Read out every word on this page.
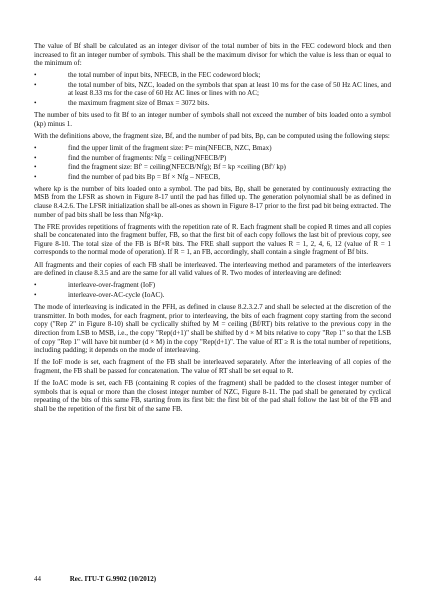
The value of Bf shall be calculated as an integer divisor of the total number of bits in the FEC codeword block and then increased to fit an integer number of symbols. This shall be the maximum divisor for which the value is less than or equal to the minimum of:

•	the total number of input bits, NFECB, in the FEC codeword block;
•	the total number of bits, NZC, loaded on the symbols that span at least 10 ms for the case of 50 Hz AC lines, and at least 8.33 ms for the case of 60 Hz AC lines or lines with no AC;
•	the maximum fragment size of Bmax = 3072 bits.

The number of bits used to fit Bf to an integer number of symbols shall not exceed the number of bits loaded onto a symbol (kp) minus 1.

With the definitions above, the fragment size, Bf, and the number of pad bits, Bp, can be computed using the following steps:

•	find the upper limit of the fragment size: P= min(NFECB, NZC, Bmax)
•	find the number of fragments: Nfg = ceiling(NFECB/P)
•	find the fragment size: Bf' = ceiling(NFECB/Nfg); Bf = kp ×ceiling (Bf'/ kp)
•	find the number of pad bits Bp = Bf × Nfg – NFECB,

where kp is the number of bits loaded onto a symbol. The pad bits, Bp, shall be generated by continuously extracting the MSB from the LFSR as shown in Figure 8-17 until the pad has filled up. The generation polynomial shall be as defined in clause 8.4.2.6. The LFSR initialization shall be all-ones as shown in Figure 8-17 prior to the first pad bit being extracted. The number of pad bits shall be less than Nfg×kp.

The FRE provides repetitions of fragments with the repetition rate of R. Each fragment shall be copied R times and all copies shall be concatenated into the fragment buffer, FB, so that the first bit of each copy follows the last bit of previous copy, see Figure 8-10. The total size of the FB is Bf×R bits. The FRE shall support the values R = 1, 2, 4, 6, 12 (value of R = 1 corresponds to the normal mode of operation). If R = 1, an FB, accordingly, shall contain a single fragment of Bf bits.

All fragments and their copies of each FB shall be interleaved. The interleaving method and parameters of the interleavers are defined in clause 8.3.5 and are the same for all valid values of R. Two modes of interleaving are defined:

•	interleave-over-fragment (IoF)
•	interleave-over-AC-cycle (IoAC).

The mode of interleaving is indicated in the PFH, as defined in clause 8.2.3.2.7 and shall be selected at the discretion of the transmitter. In both modes, for each fragment, prior to interleaving, the bits of each fragment copy starting from the second copy ("Rep 2" in Figure 8-10) shall be cyclically shifted by M = ceiling (Bf/RT) bits relative to the previous copy in the direction from LSB to MSB, i.e., the copy "Rep(d+1)" shall be shifted by d × M bits relative to copy "Rep 1" so that the LSB of copy "Rep 1" will have bit number (d × M) in the copy "Rep(d+1)". The value of RT ≥ R is the total number of repetitions, including padding; it depends on the mode of interleaving.

If the IoF mode is set, each fragment of the FB shall be interleaved separately. After the interleaving of all copies of the fragment, the FB shall be passed for concatenation. The value of RT shall be set equal to R.

If the IoAC mode is set, each FB (containing R copies of the fragment) shall be padded to the closest integer number of symbols that is equal or more than the closest integer number of NZC, Figure 8-11. The pad shall be generated by cyclical repeating of the bits of this same FB, starting from its first bit: the first bit of the pad shall follow the last bit of the FB and shall be the repetition of the first bit of the same FB.

44	Rec. ITU-T G.9902 (10/2012)
